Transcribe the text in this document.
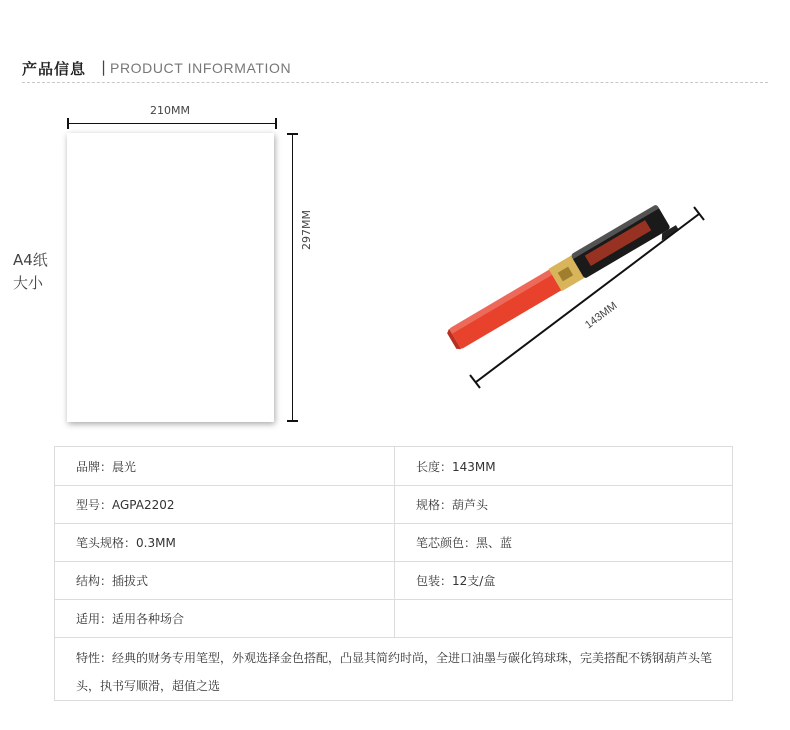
产品信息 | PRODUCT INFORMATION
A4纸
大小
210MM
297MM
143MM
品牌：晨光	长度：143MM
型号：AGPA2202	规格：葫芦头
笔头规格：0.3MM	笔芯颜色：黑、蓝
结构：插拔式	包装：12支/盒
适用：适用各种场合	
特性：经典的财务专用笔型，外观选择金色搭配，凸显其简约时尚，全进口油墨与碳化钨球珠，完美搭配不锈钢葫芦头笔头，执书写顺滑，超值之选	
